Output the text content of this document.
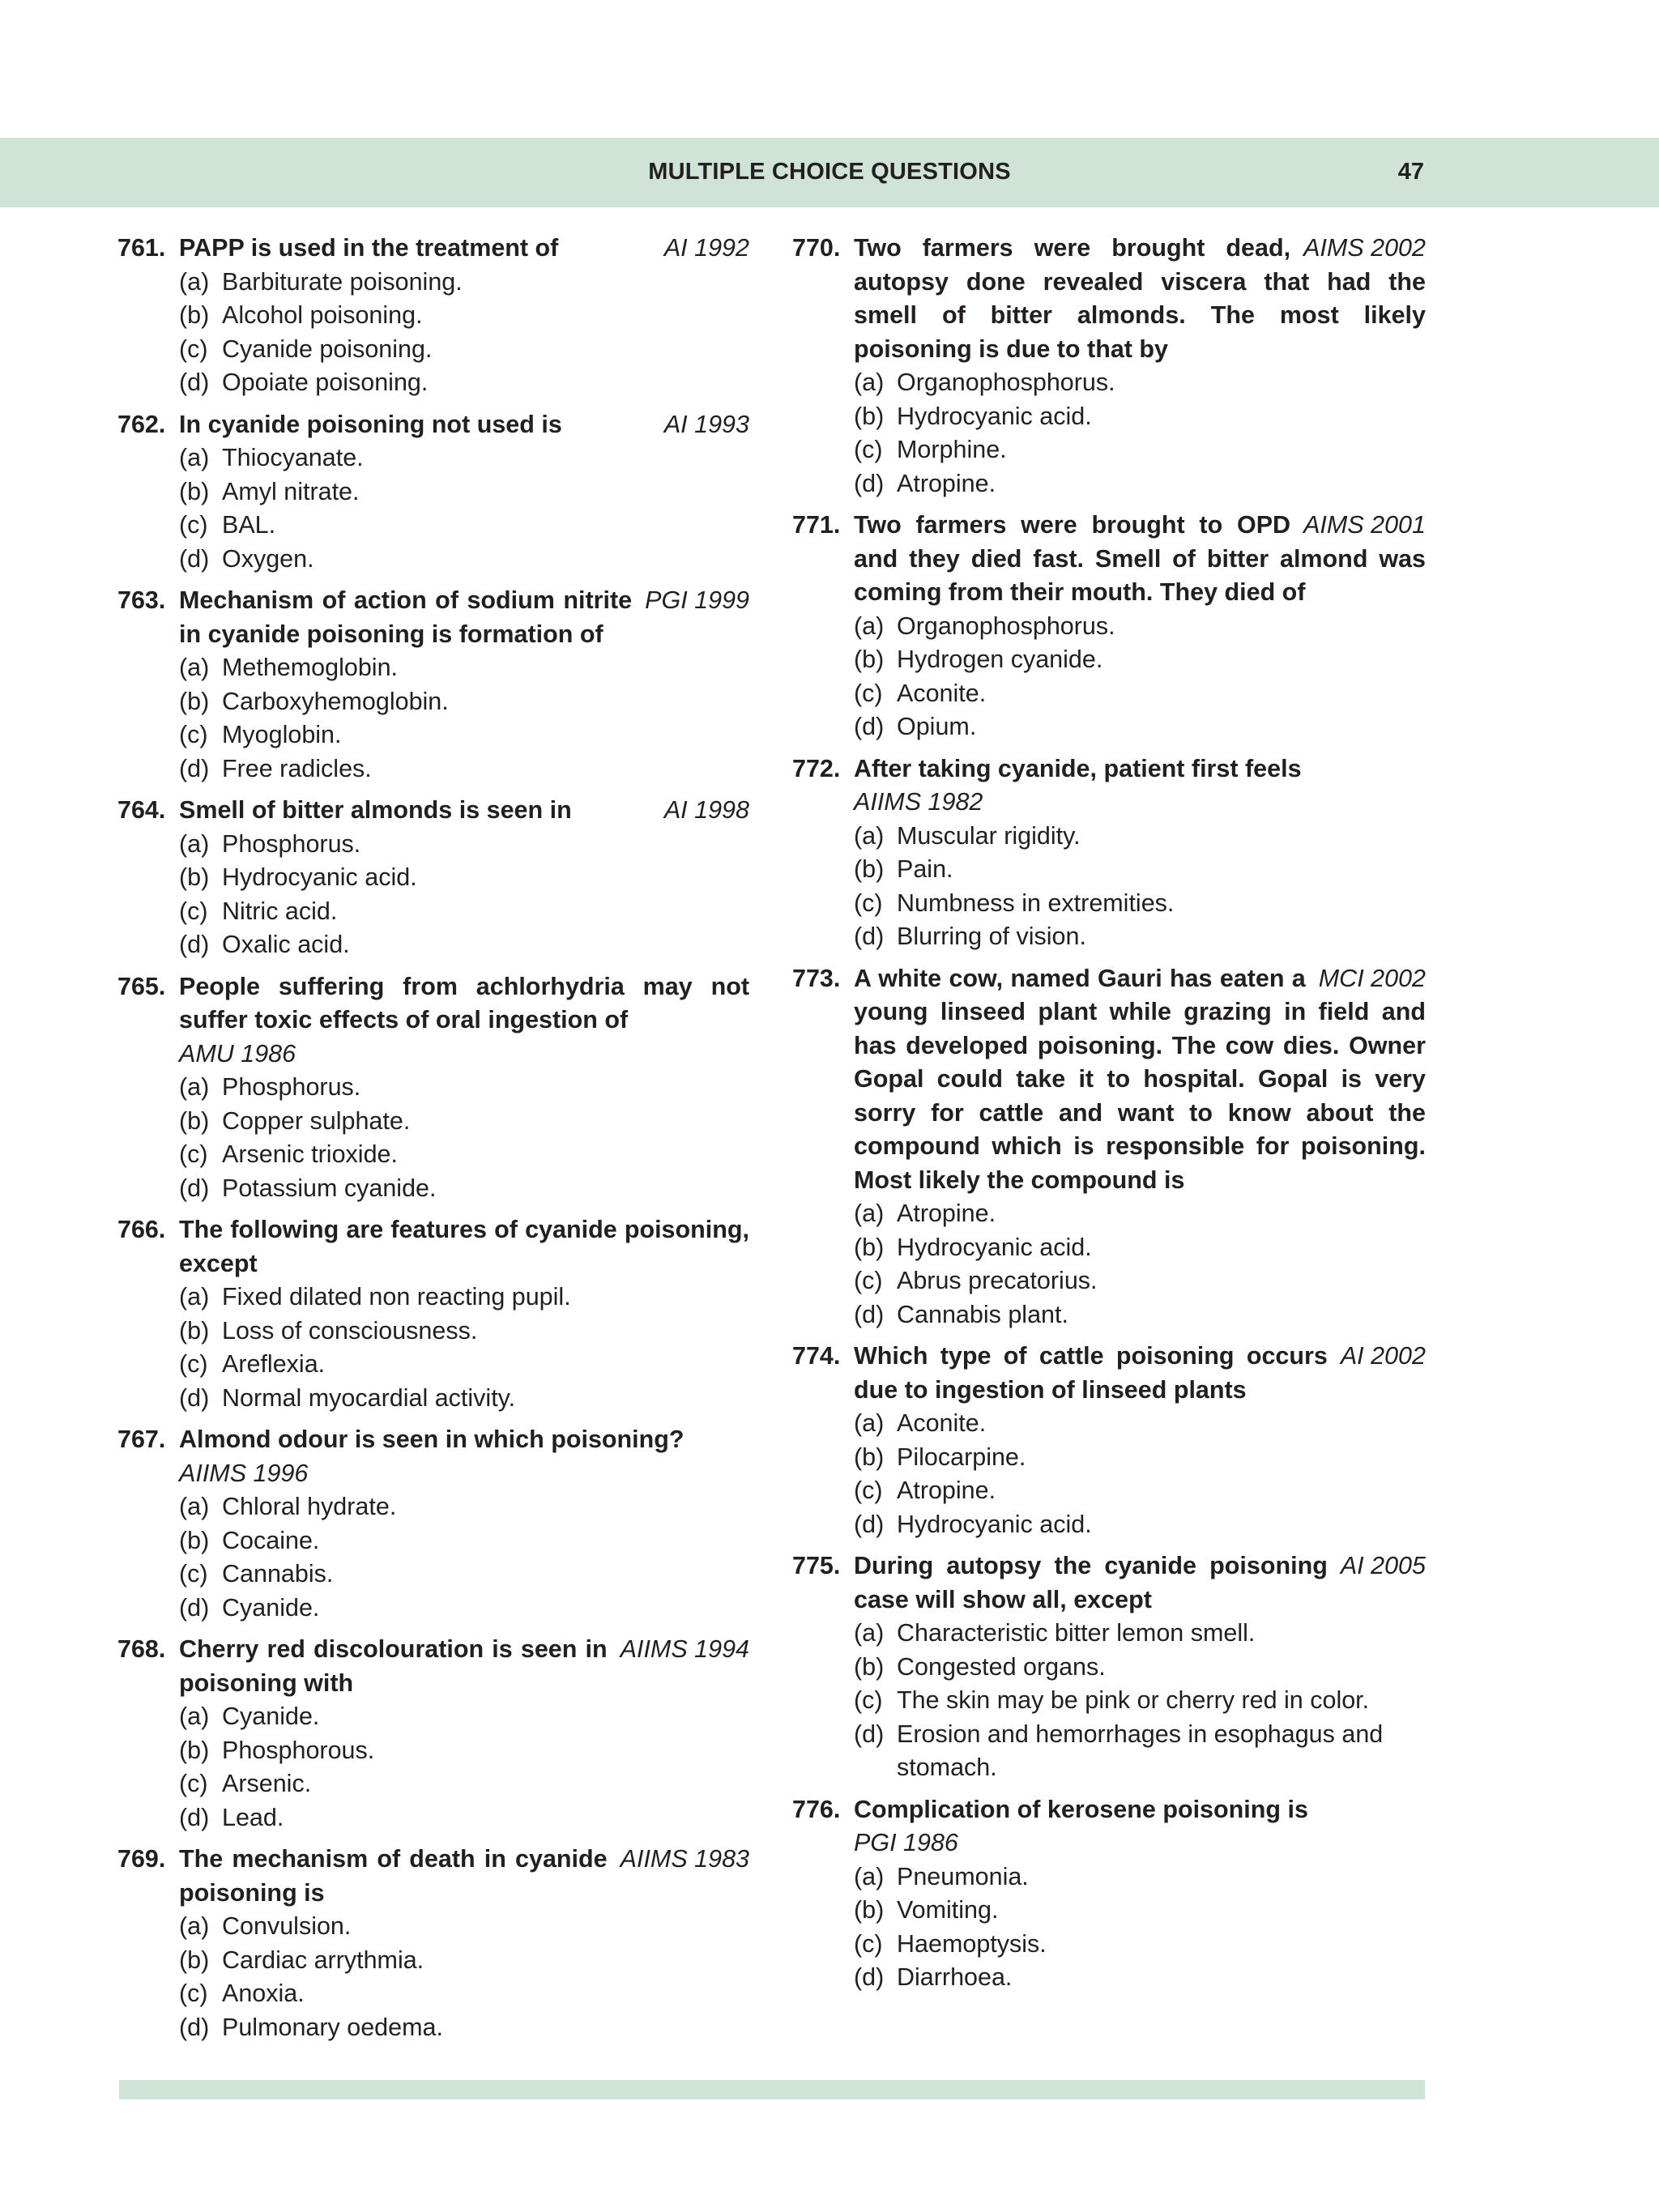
MULTIPLE CHOICE QUESTIONS	47
761.	AI 1992
PAPP is used in the treatment of
(a) Barbiturate poisoning.
(b) Alcohol poisoning.
(c) Cyanide poisoning.
(d) Opoiate poisoning.
762.	AI 1993
In cyanide poisoning not used is
(a) Thiocyanate.
(b) Amyl nitrate.
(c) BAL.
(d) Oxygen.
763.	PGI 1999
Mechanism of action of sodium nitrite in cyanide poisoning is formation of
(a) Methemoglobin.
(b) Carboxyhemoglobin.
(c) Myoglobin.
(d) Free radicles.
764.	AI 1998
Smell of bitter almonds is seen in
(a) Phosphorus.
(b) Hydrocyanic acid.
(c) Nitric acid.
(d) Oxalic acid.
765. People suffering from achlorhydria may not suffer toxic effects of oral ingestion of
AMU 1986
(a) Phosphorus.
(b) Copper sulphate.
(c) Arsenic trioxide.
(d) Potassium cyanide.
766. The following are features of cyanide poisoning, except
(a) Fixed dilated non reacting pupil.
(b) Loss of consciousness.
(c) Areflexia.
(d) Normal myocardial activity.
767. Almond odour is seen in which poisoning?
AIIMS 1996
(a) Chloral hydrate.
(b) Cocaine.
(c) Cannabis.
(d) Cyanide.
768.	AIIMS 1994
Cherry red discolouration is seen in poisoning with
(a) Cyanide.
(b) Phosphorous.
(c) Arsenic.
(d) Lead.
769.	AIIMS 1983
The mechanism of death in cyanide poisoning is
(a) Convulsion.
(b) Cardiac arrythmia.
(c) Anoxia.
(d) Pulmonary oedema.
770.	AIMS 2002
Two farmers were brought dead, autopsy done revealed viscera that had the smell of bitter almonds. The most likely poisoning is due to that by
(a) Organophosphorus.
(b) Hydrocyanic acid.
(c) Morphine.
(d) Atropine.
771.	AIMS 2001
Two farmers were brought to OPD and they died fast. Smell of bitter almond was coming from their mouth. They died of
(a) Organophosphorus.
(b) Hydrogen cyanide.
(c) Aconite.
(d) Opium.
772. After taking cyanide, patient first feels
AIIMS 1982
(a) Muscular rigidity.
(b) Pain.
(c) Numbness in extremities.
(d) Blurring of vision.
773.	MCI 2002
A white cow, named Gauri has eaten a young linseed plant while grazing in field and has developed poisoning. The cow dies. Owner Gopal could take it to hospital. Gopal is very sorry for cattle and want to know about the compound which is responsible for poisoning. Most likely the compound is
(a) Atropine.
(b) Hydrocyanic acid.
(c) Abrus precatorius.
(d) Cannabis plant.
774.	AI 2002
Which type of cattle poisoning occurs due to ingestion of linseed plants
(a) Aconite.
(b) Pilocarpine.
(c) Atropine.
(d) Hydrocyanic acid.
775.	AI 2005
During autopsy the cyanide poisoning case will show all, except
(a) Characteristic bitter lemon smell.
(b) Congested organs.
(c) The skin may be pink or cherry red in color.
(d) Erosion and hemorrhages in esophagus and stomach.
776. Complication of kerosene poisoning is
PGI 1986
(a) Pneumonia.
(b) Vomiting.
(c) Haemoptysis.
(d) Diarrhoea.
